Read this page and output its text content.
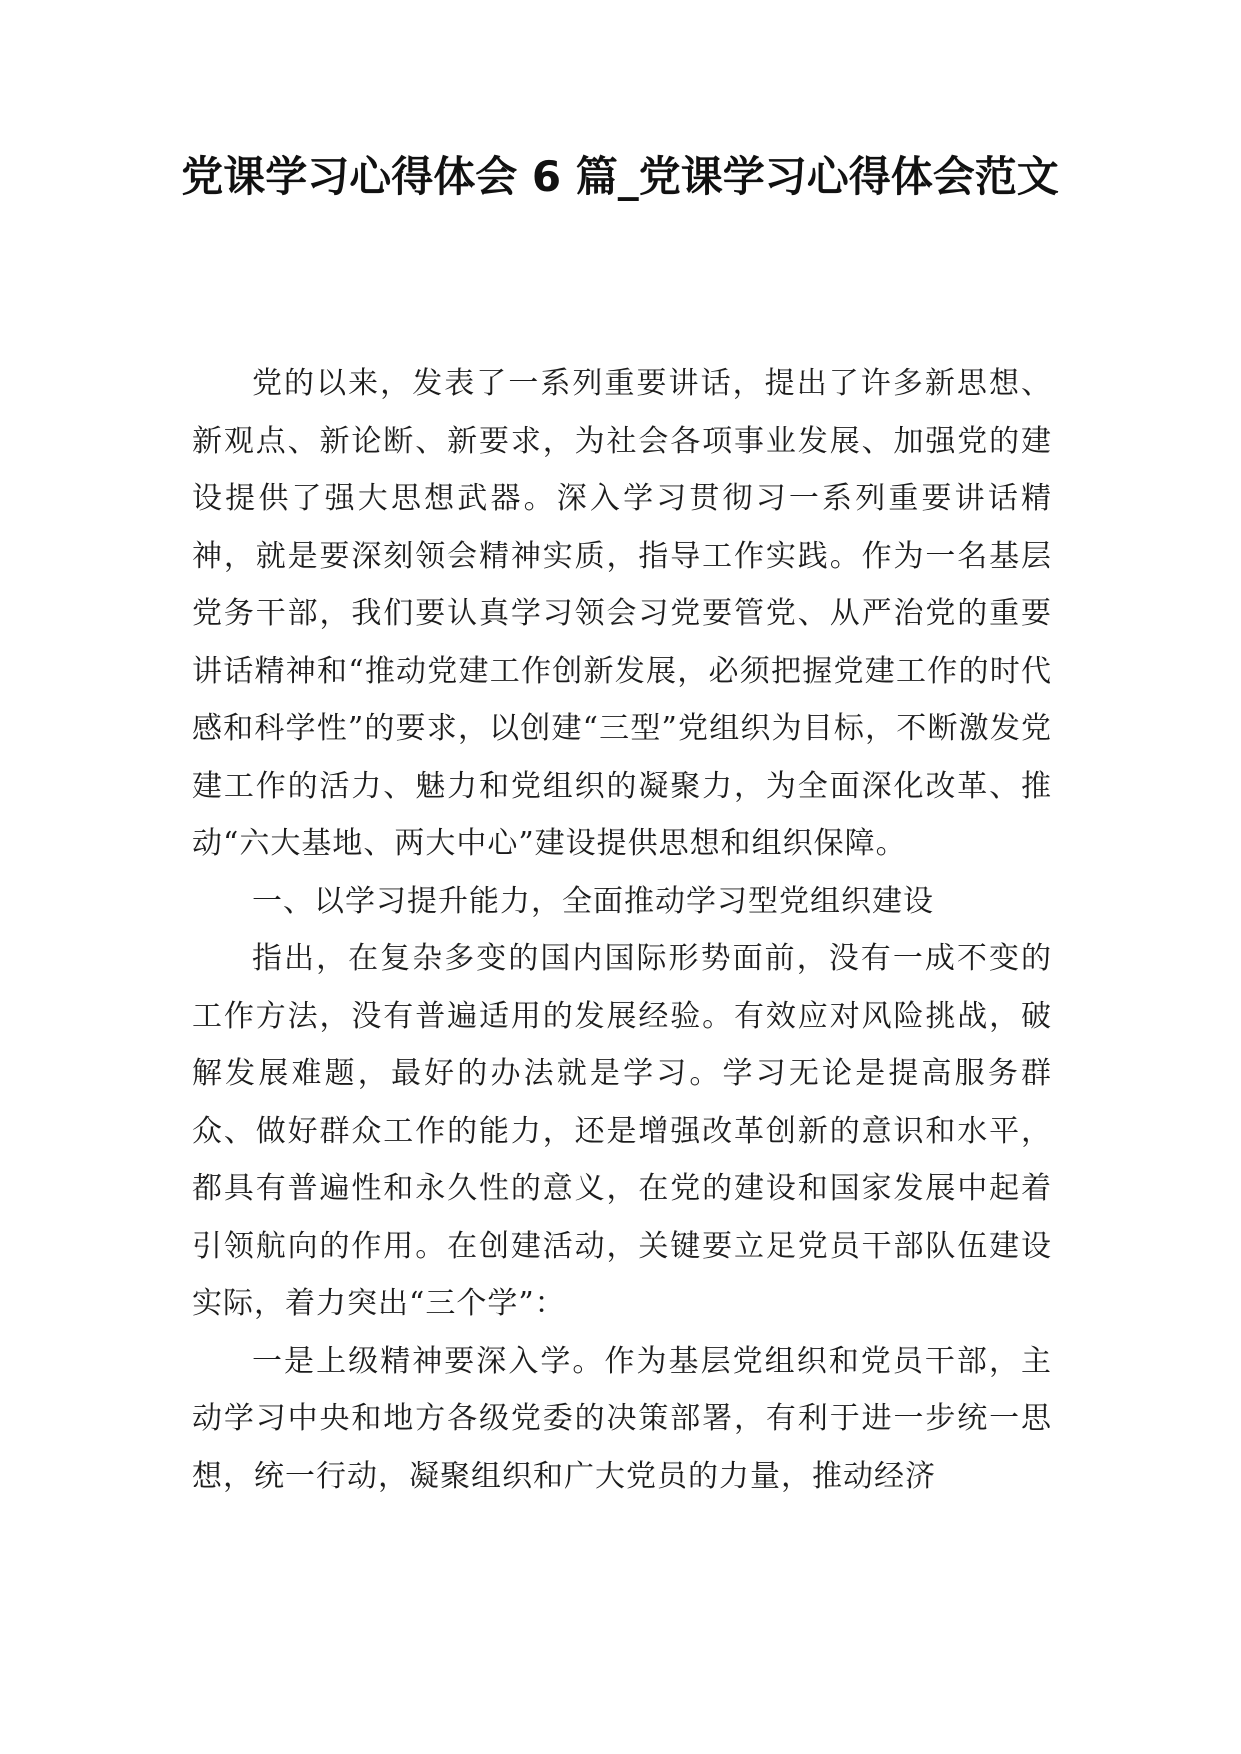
党课学习心得体会 6 篇_党课学习心得体会范文

党的以来，发表了一系列重要讲话，提出了许多新思想、新观点、新论断、新要求，为社会各项事业发展、加强党的建设提供了强大思想武器。深入学习贯彻习一系列重要讲话精神，就是要深刻领会精神实质，指导工作实践。作为一名基层党务干部，我们要认真学习领会习党要管党、从严治党的重要讲话精神和“推动党建工作创新发展，必须把握党建工作的时代感和科学性”的要求，以创建“三型”党组织为目标，不断激发党建工作的活力、魅力和党组织的凝聚力，为全面深化改革、推动“六大基地、两大中心”建设提供思想和组织保障。

一、以学习提升能力，全面推动学习型党组织建设

指出，在复杂多变的国内国际形势面前，没有一成不变的工作方法，没有普遍适用的发展经验。有效应对风险挑战，破解发展难题，最好的办法就是学习。学习无论是提高服务群众、做好群众工作的能力，还是增强改革创新的意识和水平，都具有普遍性和永久性的意义，在党的建设和国家发展中起着引领航向的作用。在创建活动，关键要立足党员干部队伍建设实际，着力突出“三个学”：

一是上级精神要深入学。作为基层党组织和党员干部，主动学习中央和地方各级党委的决策部署，有利于进一步统一思想，统一行动，凝聚组织和广大党员的力量，推动经济
